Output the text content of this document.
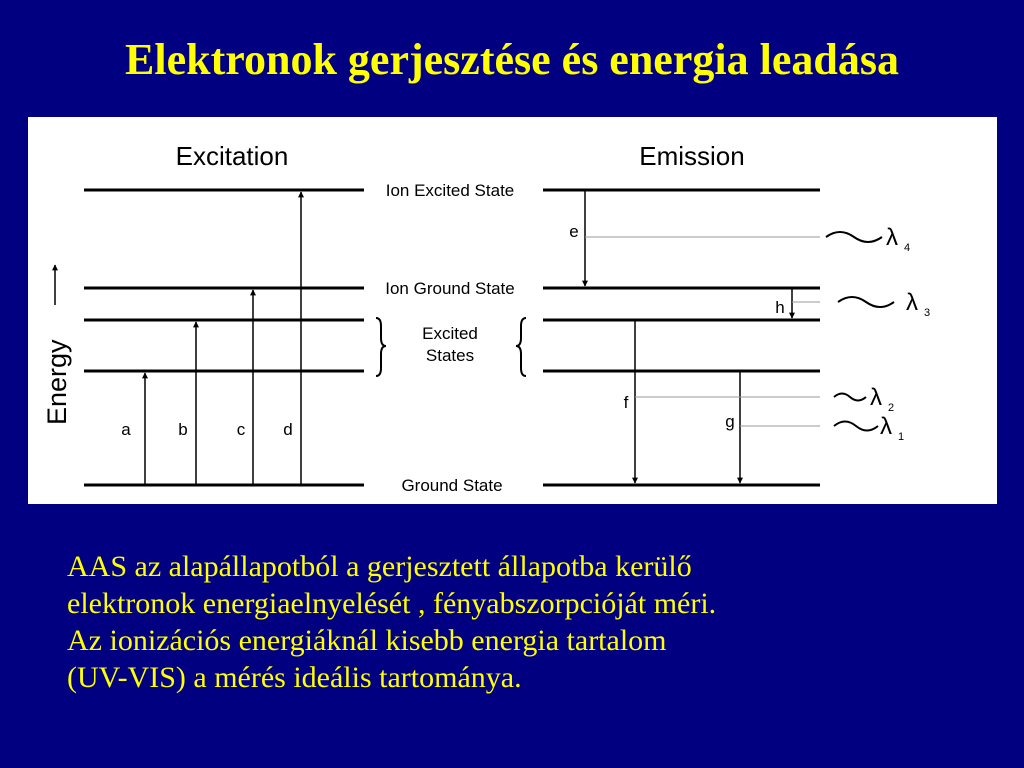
Elektronok gerjesztése és energia leadása
Excitation	Emission
Energy
Ion Excited State
Ion Ground State
Excited
States
Ground State
a	b	c d
e
f
g
h
λ 4
λ 3
λ 2
λ 1
AAS az alapállapotból a gerjesztett állapotba kerülő
elektronok energiaelnyelését , fényabszorpcióját méri.
Az ionizációs energiáknál kisebb energia tartalom
(UV-VIS) a mérés ideális tartománya.
